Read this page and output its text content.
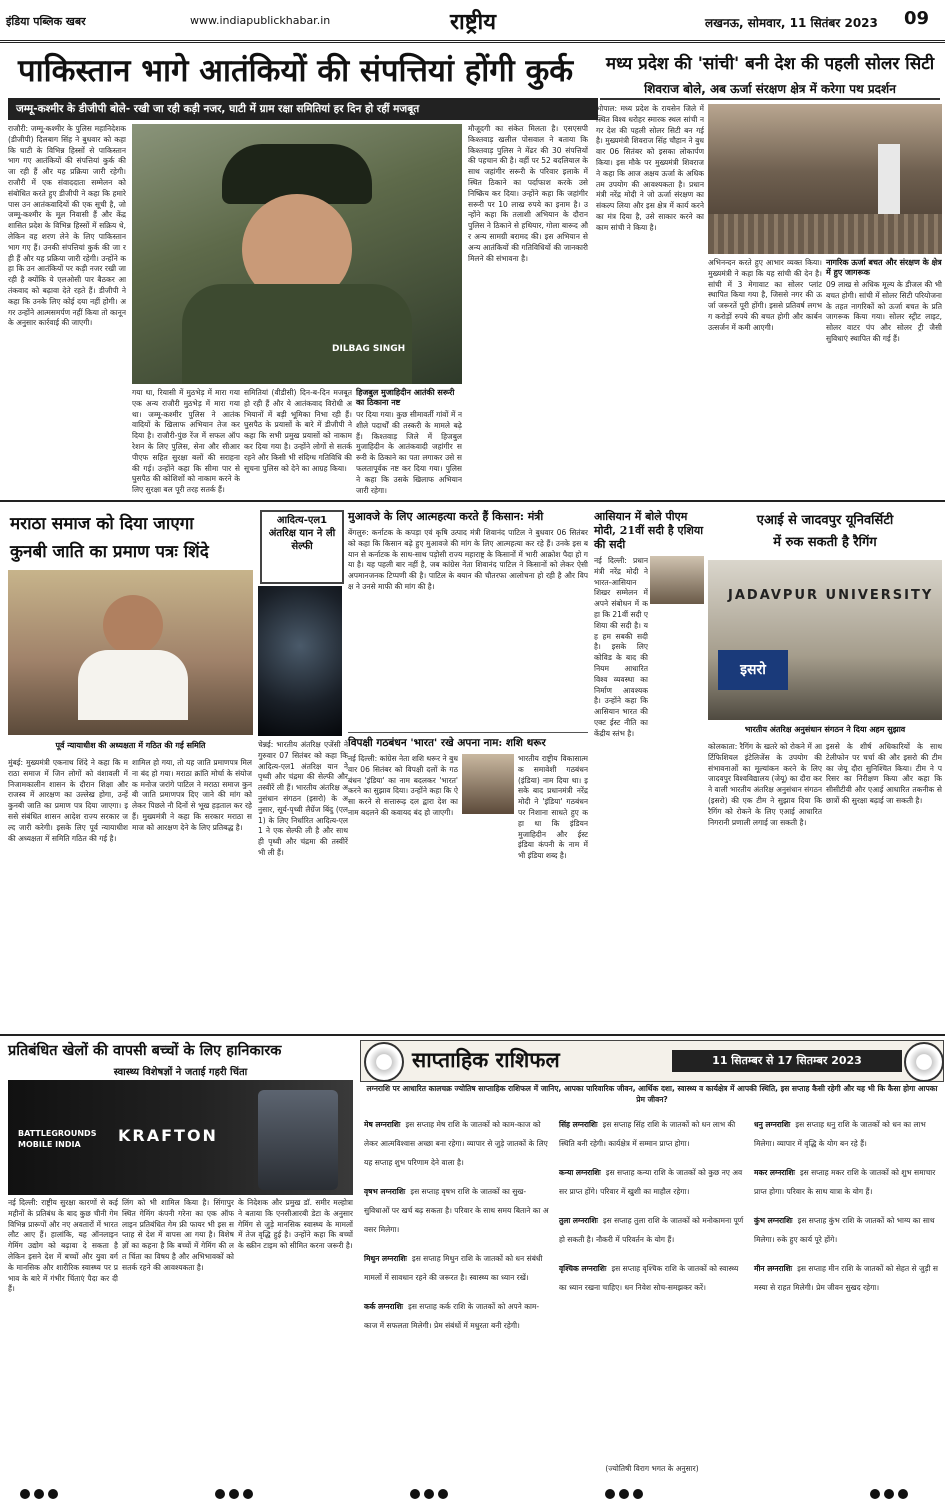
इंडिया पब्लिक खबर	www.indiapublickhabar.in	राष्ट्रीय	लखनऊ, सोमवार, 11 सितंबर 2023 09
पाकिस्तान भागे आतंकियों की संपत्तियां होंगी कुर्क
जम्मू-कश्मीर के डीजीपी बोले- रखी जा रही कड़ी नजर, घाटी में ग्राम रक्षा समितियां हर दिन हो रहीं मजबूत
राजौरी: जम्मू-कश्मीर के पुलिस महानिदेशक (डीजीपी) दिलबाग सिंह ने बुधवार को कहा कि घाटी के विभिन्न हिस्सों से पाकिस्तान भाग गए आतंकियों की संपत्तियां कुर्क की जा रही हैं और यह प्रक्रिया जारी रहेगी। राजौरी में एक संवाददाता सम्मेलन को संबोधित करते हुए डीजीपी ने कहा कि हमारे पास उन आतंकवादियों की एक सूची है, जो जम्मू-कश्मीर के मूल निवासी हैं और केंद्रशासित प्रदेश के विभिन्न हिस्सों में सक्रिय थे, लेकिन वह शरण लेने के लिए पाकिस्तान भाग गए हैं। उनकी संपत्तियां कुर्क की जा रही हैं और यह प्रक्रिया जारी रहेगी। उन्होंने कहा कि उन आतंकियों पर कड़ी नजर रखी जा रही है क्योंकि ये एलओसी पार बैठकर आतंकवाद को बढ़ावा देते रहते हैं। डीजीपी ने कहा कि उनके लिए कोई दया नहीं होगी। अगर उन्होंने आत्मसमर्पण नहीं किया तो कानून के अनुसार कार्रवाई की जाएगी।
DILBAG SINGH
मौजूदगी का संकेत मिलता है। एसएसपी किश्तवाड़ खलील पोसवाल ने बताया कि किश्तवाड़ पुलिस ने मेंढर की 30 संपत्तियों की पहचान की है। वहीं पर 52 बदलियाल के साथ जहांगीर सरूरी के परिवार इलाके में स्थित ठिकाने का पर्दाफाश करके उसे निष्क्रिय कर दिया। उन्होंने कहा कि जहांगीर सरूरी पर 10 लाख रुपये का इनाम है। उन्होंने कहा कि तलाशी अभियान के दौरान पुलिस ने ठिकाने से हथियार, गोला बारूद और अन्य सामग्री बरामद की। इस अभियान से अन्य आतंकियों की गतिविधियों की जानकारी मिलने की संभावना है।
गया था, रियासी में मुठभेड़ में मारा गया एक अन्य राजौरी मुठभेड़ में मारा गया था। जम्मू-कश्मीर पुलिस ने आतंकवादियों के खिलाफ अभियान तेज कर दिया है। राजौरी-पुंछ रेंज में सफल ऑपरेशन के लिए पुलिस, सेना और सीआरपीएफ सहित सुरक्षा बलों की सराहना की गई। उन्होंने कहा कि सीमा पार से घुसपैठ की कोशिशों को नाकाम करने के लिए सुरक्षा बल पूरी तरह सतर्क हैं।
समितियां (वीडीसी) दिन-ब-दिन मजबूत हो रही हैं और ये आतंकवाद विरोधी अभियानों में बड़ी भूमिका निभा रही हैं। घुसपैठ के प्रयासों के बारे में डीजीपी ने कहा कि सभी प्रमुख प्रयासों को नाकाम कर दिया गया है। उन्होंने लोगों से सतर्क रहने और किसी भी संदिग्ध गतिविधि की सूचना पुलिस को देने का आग्रह किया।
हिजबुल मुजाहिदीन आतंकी सरूरी का ठिकाना नष्ट
पर दिया गया। कुछ सीमावर्ती गांवों में नशीले पदार्थों की तस्करी के मामले बढ़े हैं। किश्तवाड़ जिले में हिजबुल मुजाहिदीन के आतंकवादी जहांगीर सरूरी के ठिकाने का पता लगाकर उसे सफलतापूर्वक नष्ट कर दिया गया। पुलिस ने कहा कि उसके खिलाफ अभियान जारी रहेगा।
मध्य प्रदेश की 'सांची' बनी देश की पहली सोलर सिटी
शिवराज बोले, अब ऊर्जा संरक्षण क्षेत्र में करेगा पथ प्रदर्शन
भोपाल: मध्य प्रदेश के रायसेन जिले में स्थित विश्व धरोहर स्मारक स्थल सांची नगर देश की पहली सोलर सिटी बन गई है। मुख्यमंत्री शिवराज सिंह चौहान ने बुधवार 06 सितंबर को इसका लोकार्पण किया। इस मौके पर मुख्यमंत्री शिवराज ने कहा कि आज अक्षय ऊर्जा के अधिकतम उपयोग की आवश्यकता है। प्रधानमंत्री नरेंद्र मोदी ने जो ऊर्जा संरक्षण का संकल्प लिया और इस क्षेत्र में कार्य करने का मंत्र दिया है, उसे साकार करने का काम सांची ने किया है।
अभिनन्दन करते हुए आभार व्यक्त किया। मुख्यमंत्री ने कहा कि यह सांची की देन है। सांची में 3 मेगावाट का सोलर प्लांट स्थापित किया गया है, जिससे नगर की ऊर्जा जरूरतें पूरी होंगी। इससे प्रतिवर्ष लगभग करोड़ों रुपये की बचत होगी और कार्बन उत्सर्जन में कमी आएगी।
नागरिक ऊर्जा बचत और संरक्षण के क्षेत्र में हुए जागरूक
09 लाख से अधिक मूल्य के डीजल की भी बचत होगी। सांची में सोलर सिटी परियोजना के तहत नागरिकों को ऊर्जा बचत के प्रति जागरूक किया गया। सोलर स्ट्रीट लाइट, सोलर वाटर पंप और सोलर ट्री जैसी सुविधाएं स्थापित की गई हैं।
मराठा समाज को दिया जाएगा
कुनबी जाति का प्रमाण पत्रः शिंदे
पूर्व न्यायाधीश की अध्यक्षता में गठित की गई समिति
मुंबई: मुख्यमंत्री एकनाथ शिंदे ने कहा कि मराठा समाज में जिन लोगों को वंशावली में निजामकालीन शासन के दौरान शिक्षा और राजस्व में आरक्षण का उल्लेख होगा, उन्हें कुनबी जाति का प्रमाण पत्र दिया जाएगा। इससे संबंधित शासन आदेश राज्य सरकार जल्द जारी करेगी। इसके लिए पूर्व न्यायाधीश की अध्यक्षता में समिति गठित की गई है।
शामिल हो गया, तो यह जाति प्रमाणपत्र मिलना बंद हो गया। मराठा क्रांति मोर्चा के संयोजक मनोज जरांगे पाटिल ने मराठा समाज कुनबी जाति प्रमाणपत्र दिए जाने की मांग को लेकर पिछले नौ दिनों से भूख हड़ताल कर रहे हैं। मुख्यमंत्री ने कहा कि सरकार मराठा समाज को आरक्षण देने के लिए प्रतिबद्ध है।
आदित्य-एल1 अंतरिक्ष यान ने ली सेल्फी
चेन्नई: भारतीय अंतरिक्ष एजेंसी ने गुरुवार 07 सितंबर को कहा कि आदित्य-एल1 अंतरिक्ष यान ने पृथ्वी और चंद्रमा की सेल्फी और तस्वीरें ली हैं। भारतीय अंतरिक्ष अनुसंधान संगठन (इसरो) के अनुसार, सूर्य-पृथ्वी लैग्रेंज बिंदु (एल1) के लिए निर्धारित आदित्य-एल1 ने एक सेल्फी ली है और साथ ही पृथ्वी और चंद्रमा की तस्वीरें भी ली हैं।
मुआवजे के लिए आत्महत्या करते हैं किसान: मंत्री
बेंगलुरु: कर्नाटक के कपड़ा एवं कृषि उत्पाद मंत्री शिवानंद पाटिल ने बुधवार 06 सितंबर को कहा कि किसान बढ़े हुए मुआवजे की मांग के लिए आत्महत्या कर रहे हैं। उनके इस बयान से कर्नाटक के साथ-साथ पड़ोसी राज्य महाराष्ट्र के किसानों में भारी आक्रोश पैदा हो गया है। यह पहली बार नहीं है, जब कांग्रेस नेता शिवानंद पाटिल ने किसानों को लेकर ऐसी अपमानजनक टिप्पणी की है। पाटिल के बयान की चौतरफा आलोचना हो रही है और विपक्ष ने उनसे माफी की मांग की है।
विपक्षी गठबंधन 'भारत' रखे अपना नाम: शशि थरूर
नई दिल्ली: कांग्रेस नेता शशि थरूर ने बुधवार 06 सितंबर को विपक्षी दलों के गठबंधन 'इंडिया' का नाम बदलकर 'भारत' करने का सुझाव दिया। उन्होंने कहा कि ऐसा करने से सत्तारूढ़ दल द्वारा देश का नाम बदलने की कवायद बंद हो जाएगी।
भारतीय राष्ट्रीय विकासात्मक समावेशी गठबंधन (इंडिया) नाम दिया था। इसके बाद प्रधानमंत्री नरेंद्र मोदी ने 'इंडिया' गठबंधन पर निशाना साधते हुए कहा था कि इंडियन मुजाहिदीन और ईस्ट इंडिया कंपनी के नाम में भी इंडिया शब्द है।
आसियान में बोले पीएम मोदी, 21वीं सदी है एशिया की सदी
नई दिल्ली: प्रधानमंत्री नरेंद्र मोदी ने भारत-आसियान शिखर सम्मेलन में अपने संबोधन में कहा कि 21वीं सदी एशिया की सदी है। यह हम सबकी सदी है। इसके लिए कोविड के बाद की नियम आधारित विश्व व्यवस्था का निर्माण आवश्यक है। उन्होंने कहा कि आसियान भारत की एक्ट ईस्ट नीति का केंद्रीय स्तंभ है।
एआई से जादवपुर यूनिवर्सिटी
में रुक सकती है रैगिंग
JADAVPUR UNIVERSITY
इसरो
भारतीय अंतरिक्ष अनुसंधान संगठन ने दिया अहम सुझाव
कोलकाता: रैगिंग के खतरे को रोकने में आर्टिफिशियल इंटेलिजेंस के उपयोग की संभावनाओं का मूल्यांकन करने के लिए जादवपुर विश्वविद्यालय (जेयू) का दौरा करने वाली भारतीय अंतरिक्ष अनुसंधान संगठन (इसरो) की एक टीम ने सुझाव दिया कि रैगिंग को रोकने के लिए एआई आधारित निगरानी प्रणाली लगाई जा सकती है।
इससे के शीर्ष अधिकारियों के साथ टेलीफोन पर चर्चा की और इसरो की टीम का जेयू दौरा सुनिश्चित किया। टीम ने परिसर का निरीक्षण किया और कहा कि सीसीटीवी और एआई आधारित तकनीक से छात्रों की सुरक्षा बढ़ाई जा सकती है।
प्रतिबंधित खेलों की वापसी बच्चों के लिए हानिकारक
स्वास्थ्य विशेषज्ञों ने जताई गहरी चिंता
BATTLEGROUNDS MOBILE INDIA	KRAFTON
नई दिल्ली: राष्ट्रीय सुरक्षा कारणों से कई महीनों के प्रतिबंध के बाद कुछ चीनी गेम विभिन्न प्रारूपों और नए अवतारों में भारत लौट आए हैं। हालांकि, यह ऑनलाइन गेमिंग उद्योग को बढ़ावा दे सकता है लेकिन इसने देश में बच्चों और युवा वर्ग के मानसिक और शारीरिक स्वास्थ्य पर प्रभाव के बारे में गंभीर चिंताएं पैदा कर दी हैं।
लिंग को भी शामिल किया है। सिंगापुर स्थित गेमिंग कंपनी गरेना का एक ऑफलाइन प्रतिबंधित गेम फ्री फायर भी इस सप्ताह से देश में वापस आ गया है। विशेषज्ञों का कहना है कि बच्चों में गेमिंग की लत चिंता का विषय है और अभिभावकों को सतर्क रहने की आवश्यकता है।
के निदेशक और प्रमुख डॉ. समीर मल्होत्रा ने बताया कि एनसीआरबी डेटा के अनुसार गेमिंग से जुड़े मानसिक स्वास्थ्य के मामलों में तेज वृद्धि हुई है। उन्होंने कहा कि बच्चों के स्क्रीन टाइम को सीमित करना जरूरी है।
साप्ताहिक राशिफल	11 सितम्बर से 17 सितम्बर 2023
लग्नराशि पर आधारित कालचक्र ज्योतिष साप्ताहिक राशिफल में जानिए, आपका पारिवारिक जीवन, आर्थिक दशा, स्वास्थ्य व कार्यक्षेत्र में आपकी स्थिति, इस सप्ताह कैसी रहेगी और यह भी कि कैसा होगा आपका प्रेम जीवन?
मेष लग्नराशिः इस सप्ताह मेष राशि के जातकों को काम-काज को लेकर आत्मविश्वास अच्छा बना रहेगा। व्यापार से जुड़े जातकों के लिए यह सप्ताह शुभ परिणाम देने वाला है।
वृषभ लग्नराशिः इस सप्ताह वृषभ राशि के जातकों का सुख-सुविधाओं पर खर्च बढ़ सकता है। परिवार के साथ समय बिताने का अवसर मिलेगा।
मिथुन लग्नराशिः इस सप्ताह मिथुन राशि के जातकों को धन संबंधी मामलों में सावधान रहने की जरूरत है। स्वास्थ्य का ध्यान रखें।
कर्क लग्नराशिः इस सप्ताह कर्क राशि के जातकों को अपने काम-काज में सफलता मिलेगी। प्रेम संबंधों में मधुरता बनी रहेगी।
सिंह लग्नराशिः इस सप्ताह सिंह राशि के जातकों को धन लाभ की स्थिति बनी रहेगी। कार्यक्षेत्र में सम्मान प्राप्त होगा।
कन्या लग्नराशिः इस सप्ताह कन्या राशि के जातकों को कुछ नए अवसर प्राप्त होंगे। परिवार में खुशी का माहौल रहेगा।
तुला लग्नराशिः इस सप्ताह तुला राशि के जातकों को मनोकामना पूर्ण हो सकती है। नौकरी में परिवर्तन के योग हैं।
वृश्चिक लग्नराशिः इस सप्ताह वृश्चिक राशि के जातकों को स्वास्थ्य का ध्यान रखना चाहिए। धन निवेश सोच-समझकर करें।
धनु लग्नराशिः इस सप्ताह धनु राशि के जातकों को धन का लाभ मिलेगा। व्यापार में वृद्धि के योग बन रहे हैं।
मकर लग्नराशिः इस सप्ताह मकर राशि के जातकों को शुभ समाचार प्राप्त होगा। परिवार के साथ यात्रा के योग हैं।
कुंभ लग्नराशिः इस सप्ताह कुंभ राशि के जातकों को भाग्य का साथ मिलेगा। रुके हुए कार्य पूरे होंगे।
मीन लग्नराशिः इस सप्ताह मीन राशि के जातकों को सेहत से जुड़ी समस्या से राहत मिलेगी। प्रेम जीवन सुखद रहेगा।
(ज्योतिषी विराग भगत के अनुसार)
